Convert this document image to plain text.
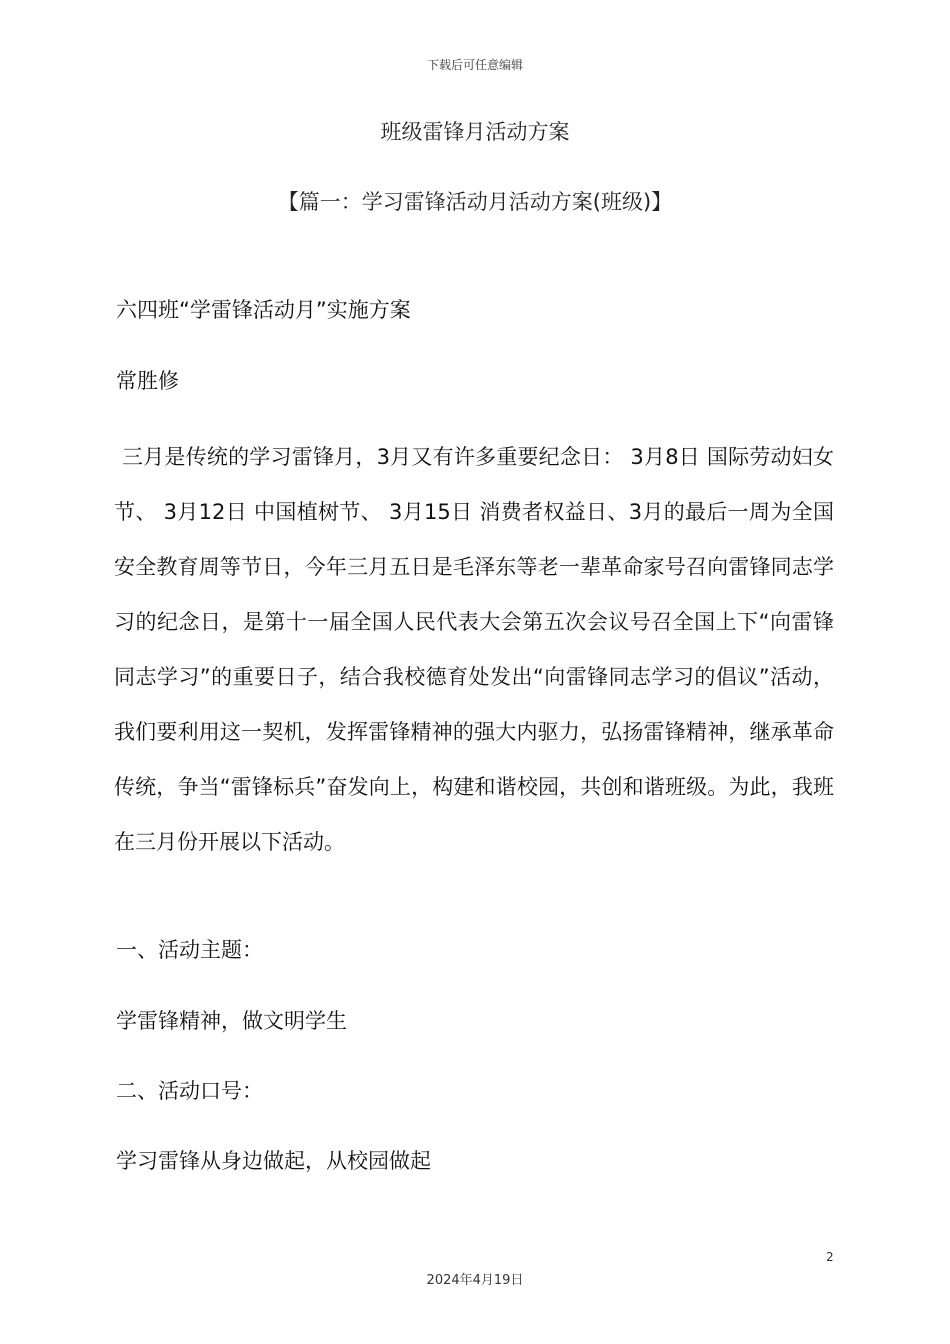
下载后可任意编辑
班级雷锋月活动方案
【篇一：学习雷锋活动月活动方案(班级)】
六四班“学雷锋活动月”实施方案
常胜修
三月是传统的学习雷锋月，3月又有许多重要纪念日： 3月8日 国际劳动妇女节、 3月12日 中国植树节、 3月15日 消费者权益日、3月的最后一周为全国安全教育周等节日，今年三月五日是毛泽东等老一辈革命家号召向雷锋同志学习的纪念日，是第十一届全国人民代表大会第五次会议号召全国上下“向雷锋同志学习”的重要日子，结合我校德育处发出“向雷锋同志学习的倡议”活动，我们要利用这一契机，发挥雷锋精神的强大内驱力，弘扬雷锋精神，继承革命传统，争当“雷锋标兵”奋发向上，构建和谐校园，共创和谐班级。为此，我班在三月份开展以下活动。
一、活动主题：
学雷锋精神，做文明学生
二、活动口号：
学习雷锋从身边做起，从校园做起
2
2024年4月19日
